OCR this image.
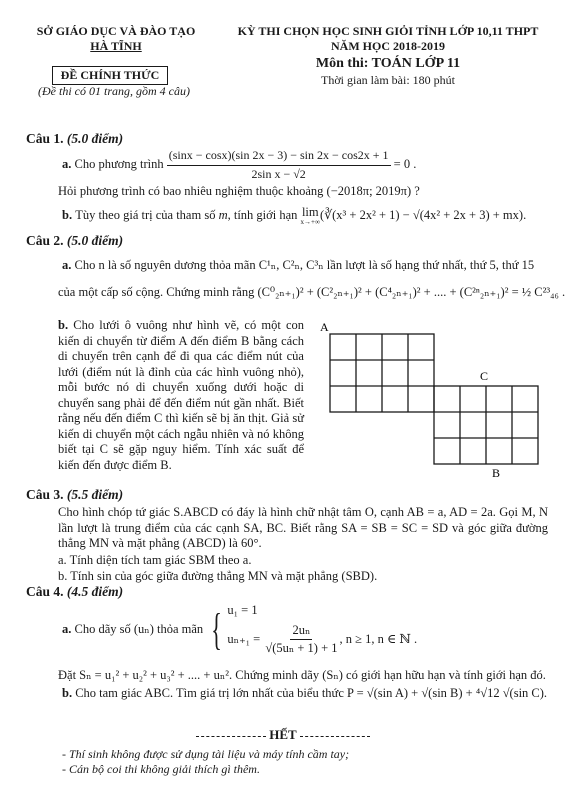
SỞ GIÁO DỤC VÀ ĐÀO TẠO
HÀ TĨNH
ĐỀ CHÍNH THỨC
(Đề thi có 01 trang, gồm 4 câu)
KỲ THI CHỌN HỌC SINH GIỎI TỈNH LỚP 10,11 THPT
NĂM HỌC 2018-2019
Môn thi: TOÁN LỚP 11
Thời gian làm bài: 180 phút
Câu 1. (5.0 điểm)
a.
Cho phương trình
$\frac{(\sin x - \cos x)(\sin 2x - 3) - \sin 2x - \cos 2x + 1}{\text{2sin x − √2}}$
= 0 .
Hỏi phương trình có bao nhiêu nghiệm thuộc khoảng (−2018π; 2019π) ?
b.
Tùy theo giá trị của tham số
m , tính giới hạn
lim
x→+∞ (∛(x³ + 2x² + 1) − √(4x² + 2x + 3) + mx).
Câu 2. (5.0 điểm)
a. Cho n là số nguyên dương thỏa mãn C¹ₙ, C²ₙ, C³ₙ lần lượt là số hạng thứ nhất, thứ 5, thứ 15
của một cấp số cộng. Chứng minh rằng (C⁰₂ₙ₊₁)² + (C²₂ₙ₊₁)² + (C⁴₂ₙ₊₁)² + .... + (C²ⁿ₂ₙ₊₁)² = ½ C²³₄₆ .
b. Cho lưới ô vuông như hình vẽ, có một con kiến di chuyển từ điểm A đến điểm B bằng cách di chuyển trên cạnh để đi qua các điểm nút của lưới (điểm nút là đỉnh của các hình vuông nhỏ), mỗi bước nó di chuyển xuống dưới hoặc di chuyển sang phải để đến điểm nút gần nhất. Biết rằng nếu đến điểm C thì kiến sẽ bị ăn thịt. Giả sử kiến di chuyển một cách ngẫu nhiên và nó không biết tại C sẽ gặp nguy hiểm. Tính xác suất để kiến đến được điểm B.
A
C
B
Câu 3. (5.5 điểm)
Cho hình chóp tứ giác S.ABCD có đáy là hình chữ nhật tâm O, cạnh AB = a, AD = 2a. Gọi M, N lần lượt là trung điểm của các cạnh SA, BC. Biết rằng SA = SB = SC = SD và góc giữa đường thẳng MN và mặt phẳng (ABCD) là 60°.
a. Tính diện tích tam giác SBM theo a.
b. Tính sin của góc giữa đường thẳng MN và mặt phẳng (SBD).
Câu 4. (4.5 điểm)
a.
Cho dãy số (uₙ) thỏa mãn
{ u₁ = 1
uₙ₊₁ =
$\frac{\text{2uₙ}}{\text{√(5uₙ + 1) + 1}}$ , n ≥ 1, n ∈ ℕ .
Đặt Sₙ = u₁² + u₂² + u₃² + .... + uₙ². Chứng minh dãy (Sₙ) có giới hạn hữu hạn và tính giới hạn đó.
b. Cho tam giác ABC. Tìm giá trị lớn nhất của biểu thức P = √(sin A) + √(sin B) + ⁴√12 √(sin C).
HẾT
- Thí sinh không được sử dụng tài liệu và máy tính cầm tay;
- Cán bộ coi thi không giải thích gì thêm.
